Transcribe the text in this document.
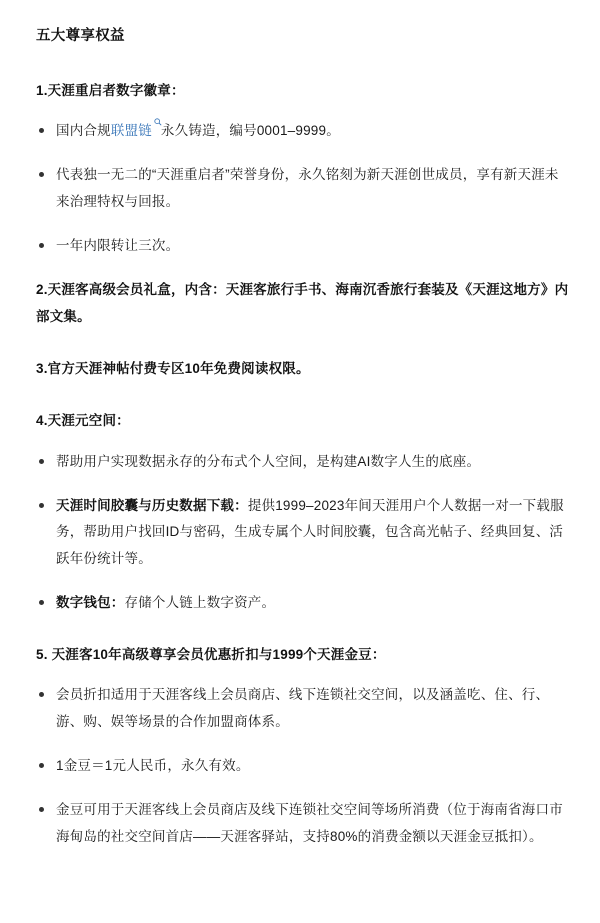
五大尊享权益
1.天涯重启者数字徽章：
国内合规联盟链 永久铸造，编号0001–9999。
代表独一无二的“天涯重启者”荣誉身份，永久铭刻为新天涯创世成员，享有新天涯未来治理特权与回报。
一年内限转让三次。
2.天涯客高级会员礼盒，内含：天涯客旅行手书、海南沉香旅行套装及《天涯这地方》内部文集。
3.官方天涯神帖付费专区10年免费阅读权限。
4.天涯元空间：
帮助用户实现数据永存的分布式个人空间，是构建AI数字人生的底座。
天涯时间胶囊与历史数据下载：提供1999–2023年间天涯用户个人数据一对一下载服务，帮助用户找回ID与密码，生成专属个人时间胶囊，包含高光帖子、经典回复、活跃年份统计等。
数字钱包：存储个人链上数字资产。
5. 天涯客10年高级尊享会员优惠折扣与1999个天涯金豆：
会员折扣适用于天涯客线上会员商店、线下连锁社交空间，以及涵盖吃、住、行、游、购、娱等场景的合作加盟商体系。
1金豆＝1元人民币，永久有效。
金豆可用于天涯客线上会员商店及线下连锁社交空间等场所消费（位于海南省海口市海甸岛的社交空间首店——天涯客驿站，支持80%的消费金额以天涯金豆抵扣）。
